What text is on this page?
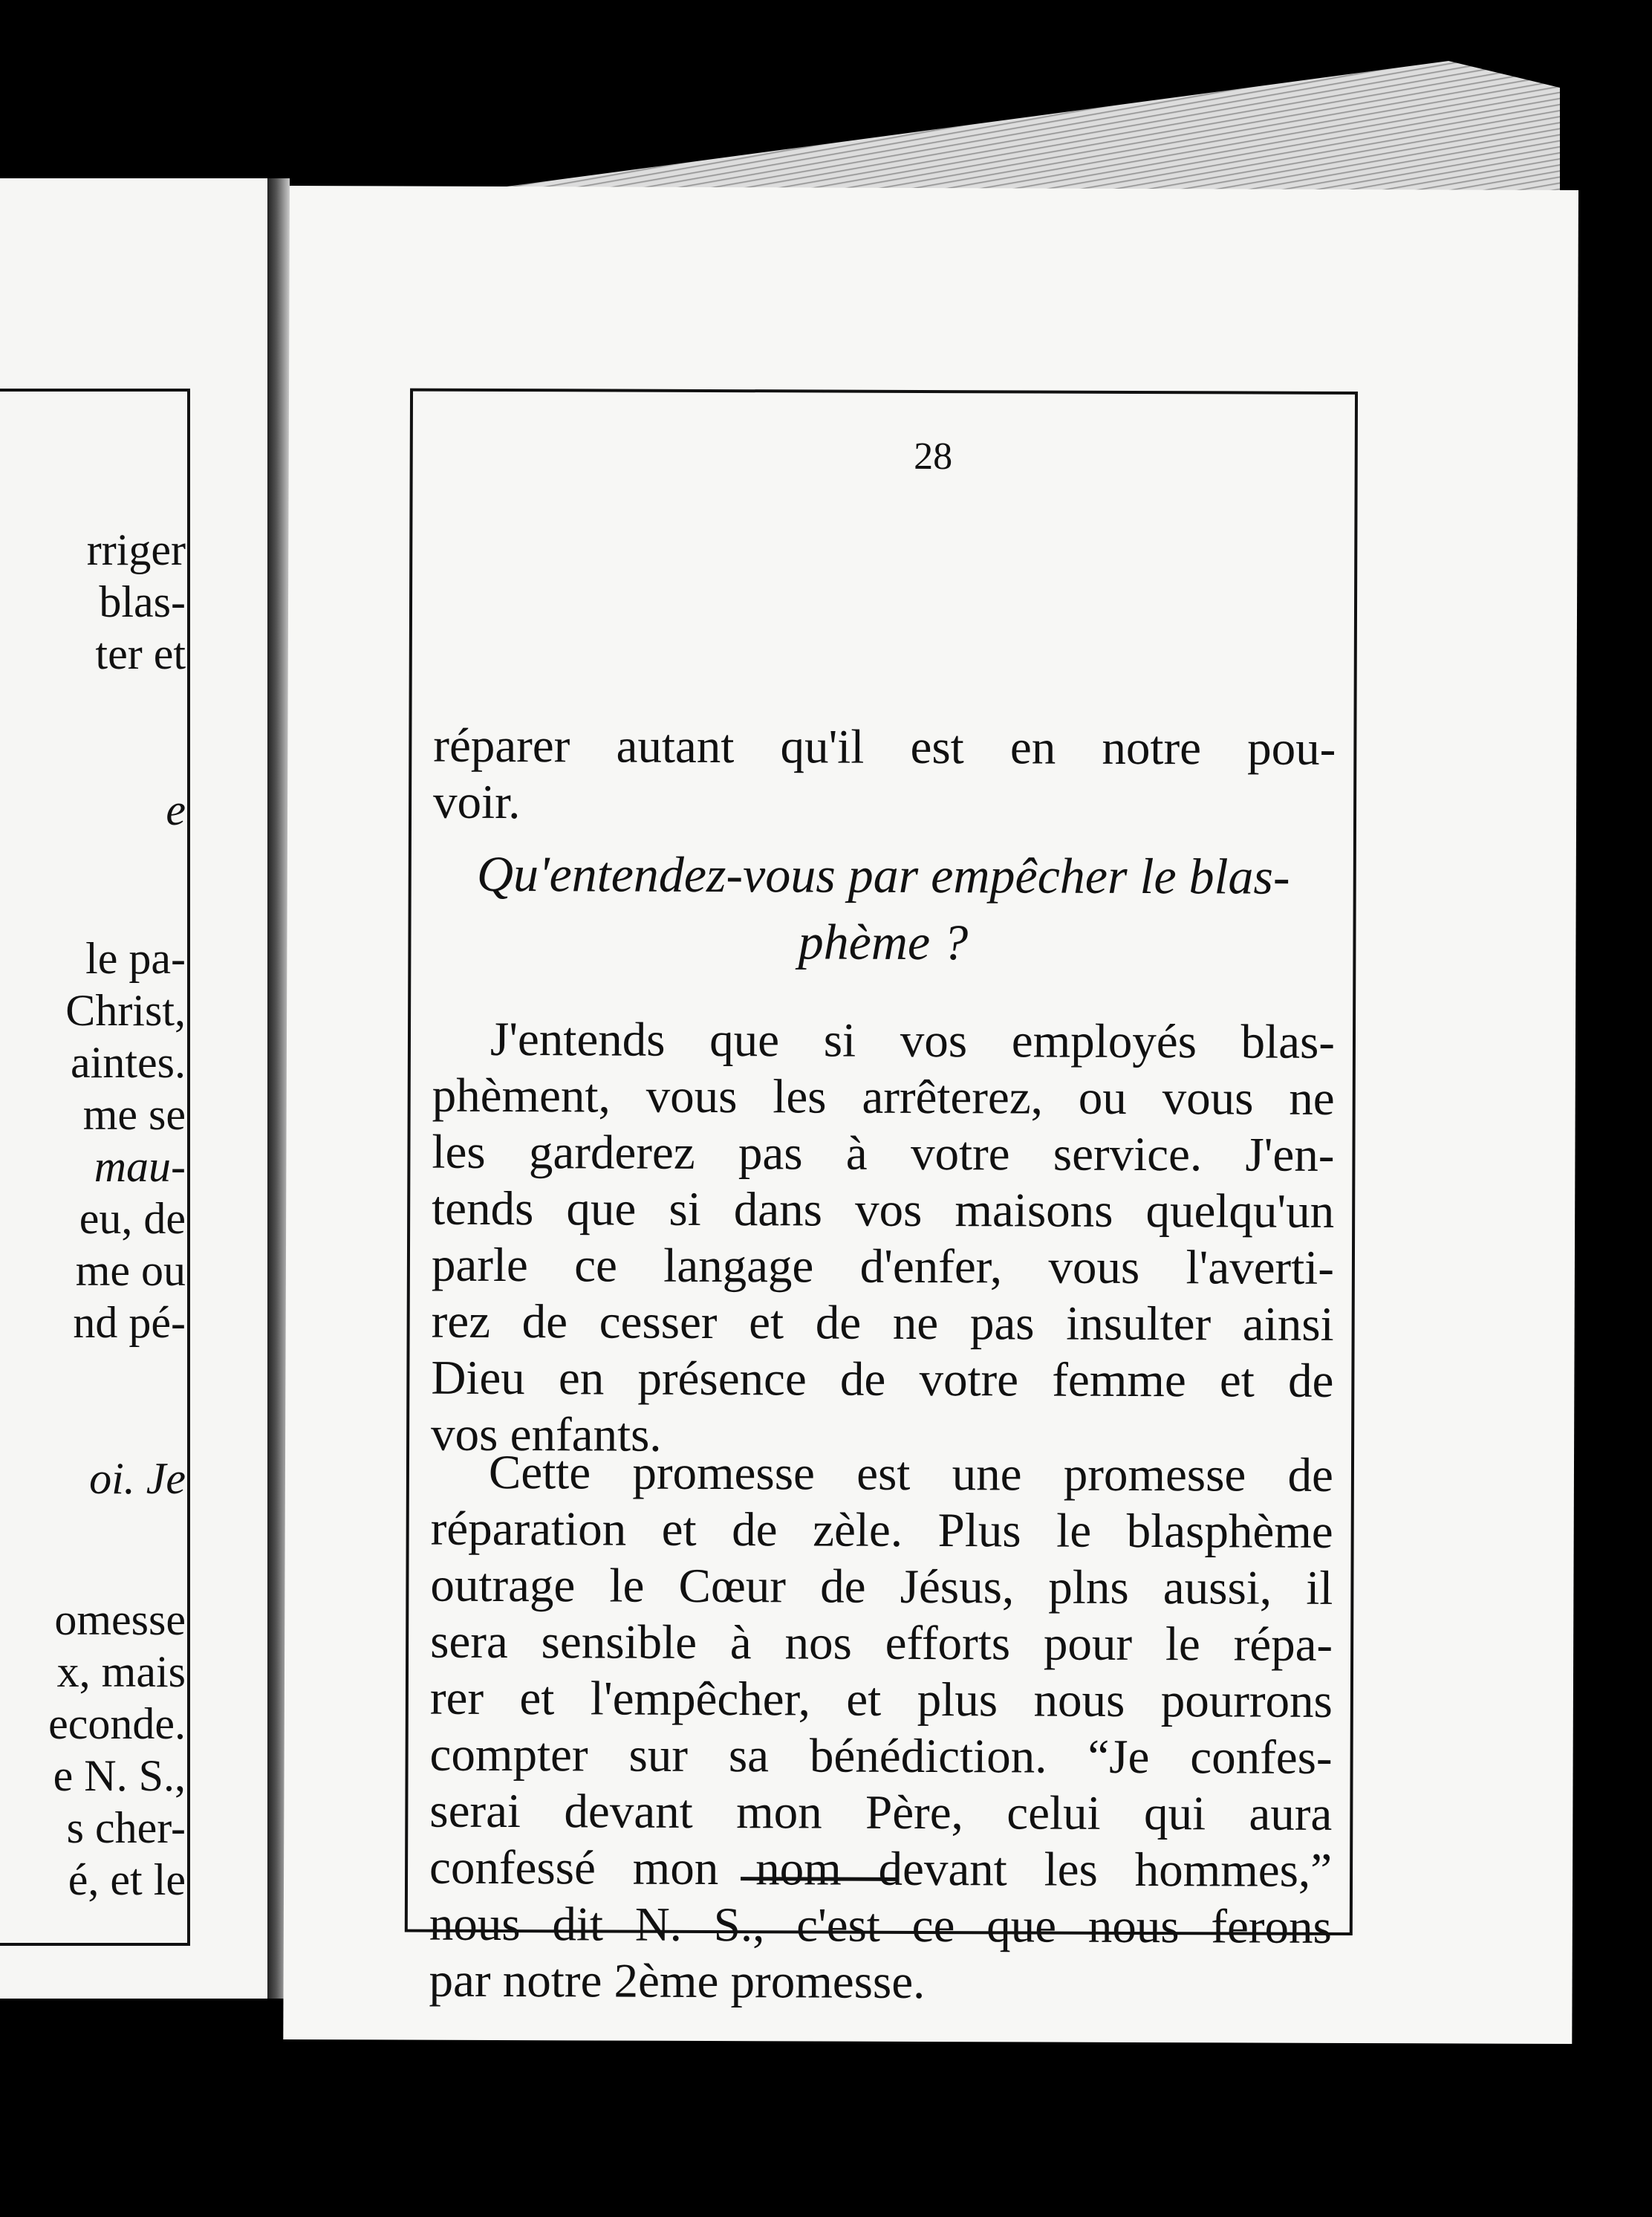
rriger
blas-
ter et
e
le pa-
Christ,
aintes.
me se
mau-
eu, de
me ou
nd pé-
oi. Je
omesse
x, mais
econde.
e N. S.,
s cher-
é, et le
28
réparer autant qu'il est en notre pou-
voir.
Qu'entendez-vous par empêcher le blas-
phème ?
J'entends que si vos employés blas-
phèment, vous les arrêterez, ou vous ne
les garderez pas à votre service. J'en-
tends que si dans vos maisons quelqu'un
parle ce langage d'enfer, vous l'averti-
rez de cesser et de ne pas insulter ainsi
Dieu en présence de votre femme et de
vos enfants.
Cette promesse est une promesse de
réparation et de zèle. Plus le blasphème
outrage le Cœur de Jésus, plns aussi, il
sera sensible à nos efforts pour le répa-
rer et l'empêcher, et plus nous pourrons
compter sur sa bénédiction. “Je confes-
serai devant mon Père, celui qui aura
confessé mon nom devant les hommes,”
nous dit N. S., c'est ce que nous ferons
par notre 2ème promesse.
